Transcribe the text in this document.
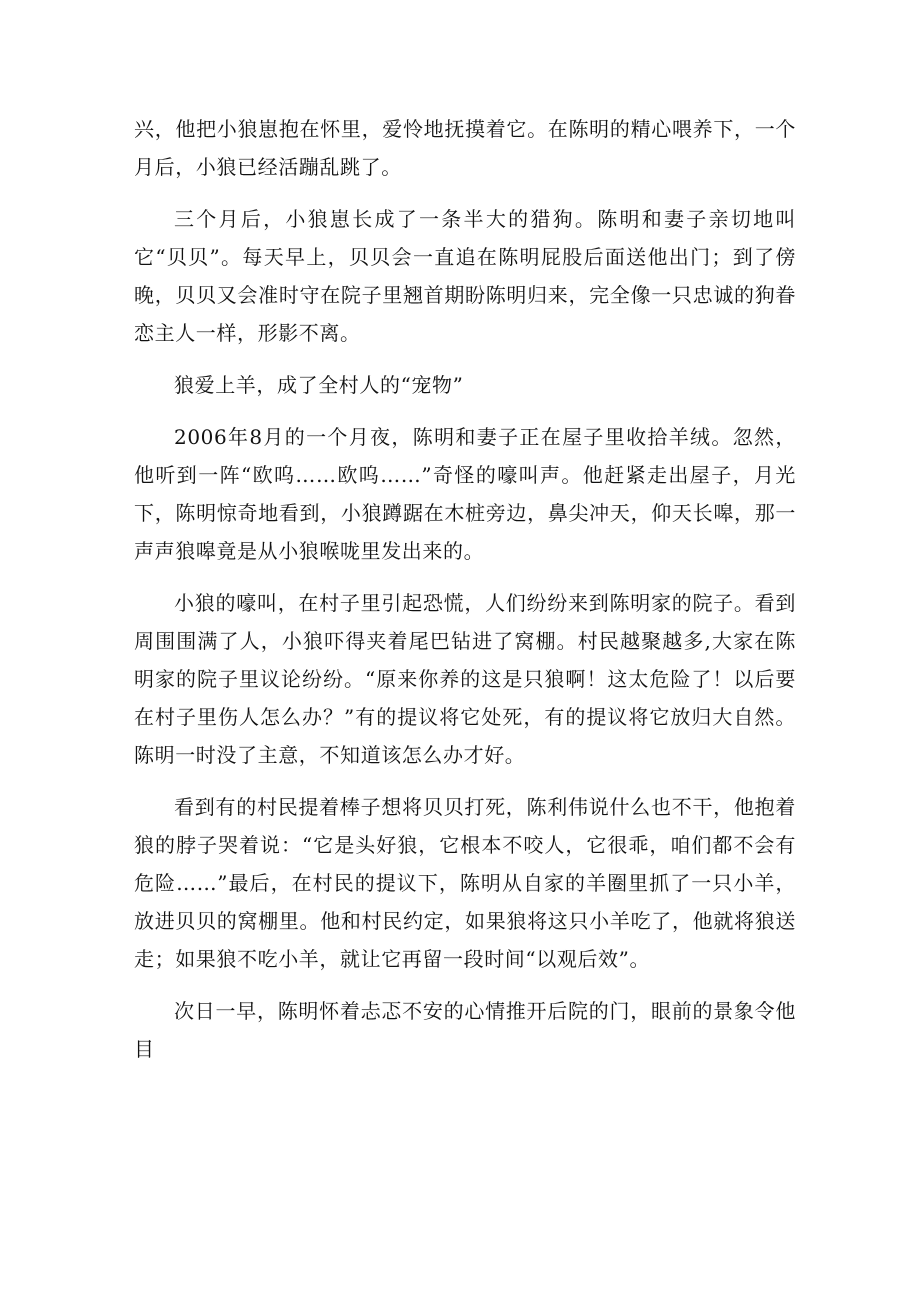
兴，他把小狼崽抱在怀里，爱怜地抚摸着它。在陈明的精心喂养下，一个月后，小狼已经活蹦乱跳了。

三个月后，小狼崽长成了一条半大的猎狗。陈明和妻子亲切地叫它“贝贝”。每天早上，贝贝会一直追在陈明屁股后面送他出门；到了傍晚，贝贝又会准时守在院子里翘首期盼陈明归来，完全像一只忠诚的狗眷恋主人一样，形影不离。

狼爱上羊，成了全村人的“宠物”

2006年8月的一个月夜，陈明和妻子正在屋子里收拾羊绒。忽然，他听到一阵“欧呜……欧呜……”奇怪的嚎叫声。他赶紧走出屋子，月光下，陈明惊奇地看到，小狼蹲踞在木桩旁边，鼻尖冲天，仰天长嗥，那一声声狼嗥竟是从小狼喉咙里发出来的。

小狼的嚎叫，在村子里引起恐慌，人们纷纷来到陈明家的院子。看到周围围满了人，小狼吓得夹着尾巴钻进了窝棚。村民越聚越多,大家在陈明家的院子里议论纷纷。“原来你养的这是只狼啊！这太危险了！以后要在村子里伤人怎么办？”有的提议将它处死，有的提议将它放归大自然。陈明一时没了主意，不知道该怎么办才好。

看到有的村民提着棒子想将贝贝打死，陈利伟说什么也不干，他抱着狼的脖子哭着说：“它是头好狼，它根本不咬人，它很乖，咱们都不会有危险……”最后，在村民的提议下，陈明从自家的羊圈里抓了一只小羊，放进贝贝的窝棚里。他和村民约定，如果狼将这只小羊吃了，他就将狼送走；如果狼不吃小羊，就让它再留一段时间“以观后效”。

次日一早，陈明怀着忐忑不安的心情推开后院的门，眼前的景象令他目
